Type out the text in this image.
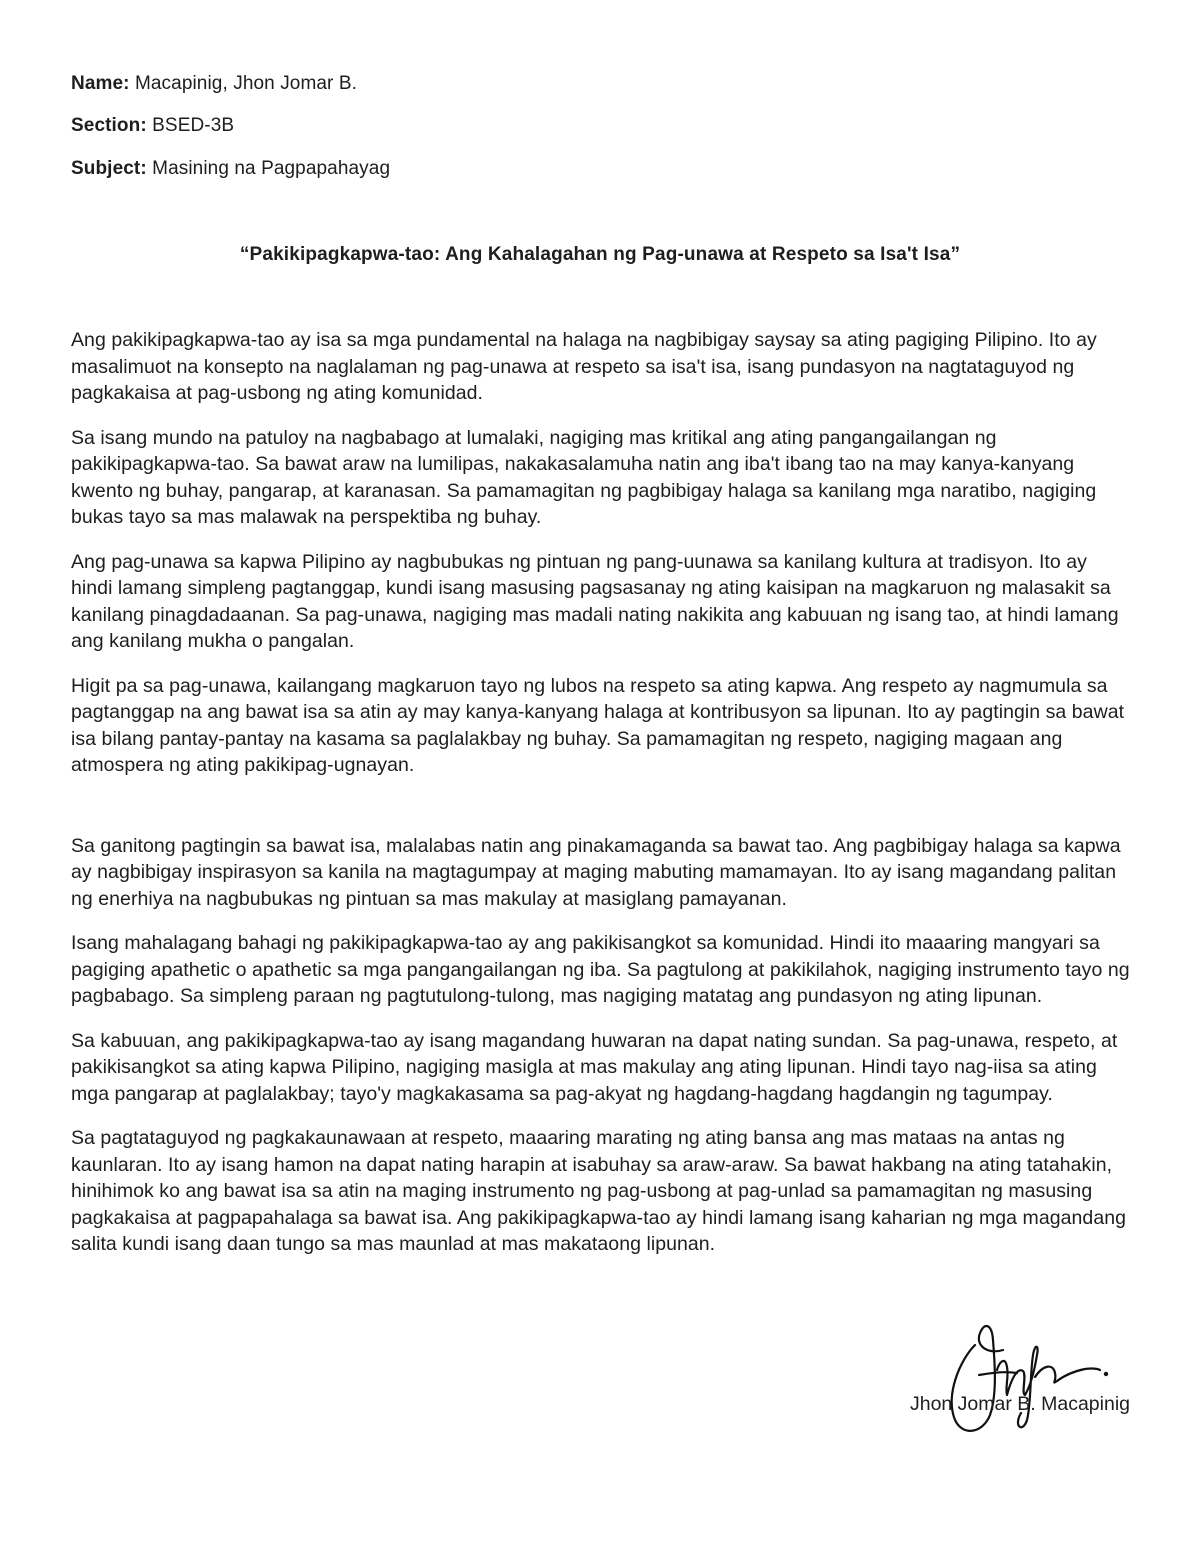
Name: Macapinig, Jhon Jomar B.
Section: BSED-3B
Subject: Masining na Pagpapahayag
“Pakikipagkapwa-tao: Ang Kahalagahan ng Pag-unawa at Respeto sa Isa't Isa”

Ang pakikipagkapwa-tao ay isa sa mga pundamental na halaga na nagbibigay saysay sa ating pagiging Pilipino. Ito ay masalimuot na konsepto na naglalaman ng pag-unawa at respeto sa isa't isa, isang pundasyon na nagtataguyod ng pagkakaisa at pag-usbong ng ating komunidad.

Sa isang mundo na patuloy na nagbabago at lumalaki, nagiging mas kritikal ang ating pangangailangan ng pakikipagkapwa-tao. Sa bawat araw na lumilipas, nakakasalamuha natin ang iba't ibang tao na may kanya-kanyang kwento ng buhay, pangarap, at karanasan. Sa pamamagitan ng pagbibigay halaga sa kanilang mga naratibo, nagiging bukas tayo sa mas malawak na perspektiba ng buhay.

Ang pag-unawa sa kapwa Pilipino ay nagbubukas ng pintuan ng pang-uunawa sa kanilang kultura at tradisyon. Ito ay hindi lamang simpleng pagtanggap, kundi isang masusing pagsasanay ng ating kaisipan na magkaruon ng malasakit sa kanilang pinagdadaanan. Sa pag-unawa, nagiging mas madali nating nakikita ang kabuuan ng isang tao, at hindi lamang ang kanilang mukha o pangalan.

Higit pa sa pag-unawa, kailangang magkaruon tayo ng lubos na respeto sa ating kapwa. Ang respeto ay nagmumula sa pagtanggap na ang bawat isa sa atin ay may kanya-kanyang halaga at kontribusyon sa lipunan. Ito ay pagtingin sa bawat isa bilang pantay-pantay na kasama sa paglalakbay ng buhay. Sa pamamagitan ng respeto, nagiging magaan ang atmospera ng ating pakikipag-ugnayan.

Sa ganitong pagtingin sa bawat isa, malalabas natin ang pinakamaganda sa bawat tao. Ang pagbibigay halaga sa kapwa ay nagbibigay inspirasyon sa kanila na magtagumpay at maging mabuting mamamayan. Ito ay isang magandang palitan ng enerhiya na nagbubukas ng pintuan sa mas makulay at masiglang pamayanan.

Isang mahalagang bahagi ng pakikipagkapwa-tao ay ang pakikisangkot sa komunidad. Hindi ito maaaring mangyari sa pagiging apathetic o apathetic sa mga pangangailangan ng iba. Sa pagtulong at pakikilahok, nagiging instrumento tayo ng pagbabago. Sa simpleng paraan ng pagtutulong-tulong, mas nagiging matatag ang pundasyon ng ating lipunan.

Sa kabuuan, ang pakikipagkapwa-tao ay isang magandang huwaran na dapat nating sundan. Sa pag-unawa, respeto, at pakikisangkot sa ating kapwa Pilipino, nagiging masigla at mas makulay ang ating lipunan. Hindi tayo nag-iisa sa ating mga pangarap at paglalakbay; tayo'y magkakasama sa pag-akyat ng hagdang-hagdang hagdangin ng tagumpay.

Sa pagtataguyod ng pagkakaunawaan at respeto, maaaring marating ng ating bansa ang mas mataas na antas ng kaunlaran. Ito ay isang hamon na dapat nating harapin at isabuhay sa araw-araw. Sa bawat hakbang na ating tatahakin, hinihimok ko ang bawat isa sa atin na maging instrumento ng pag-usbong at pag-unlad sa pamamagitan ng masusing pagkakaisa at pagpapahalaga sa bawat isa. Ang pakikipagkapwa-tao ay hindi lamang isang kaharian ng mga magandang salita kundi isang daan tungo sa mas maunlad at mas makataong lipunan.

Jhon Jomar B. Macapinig
